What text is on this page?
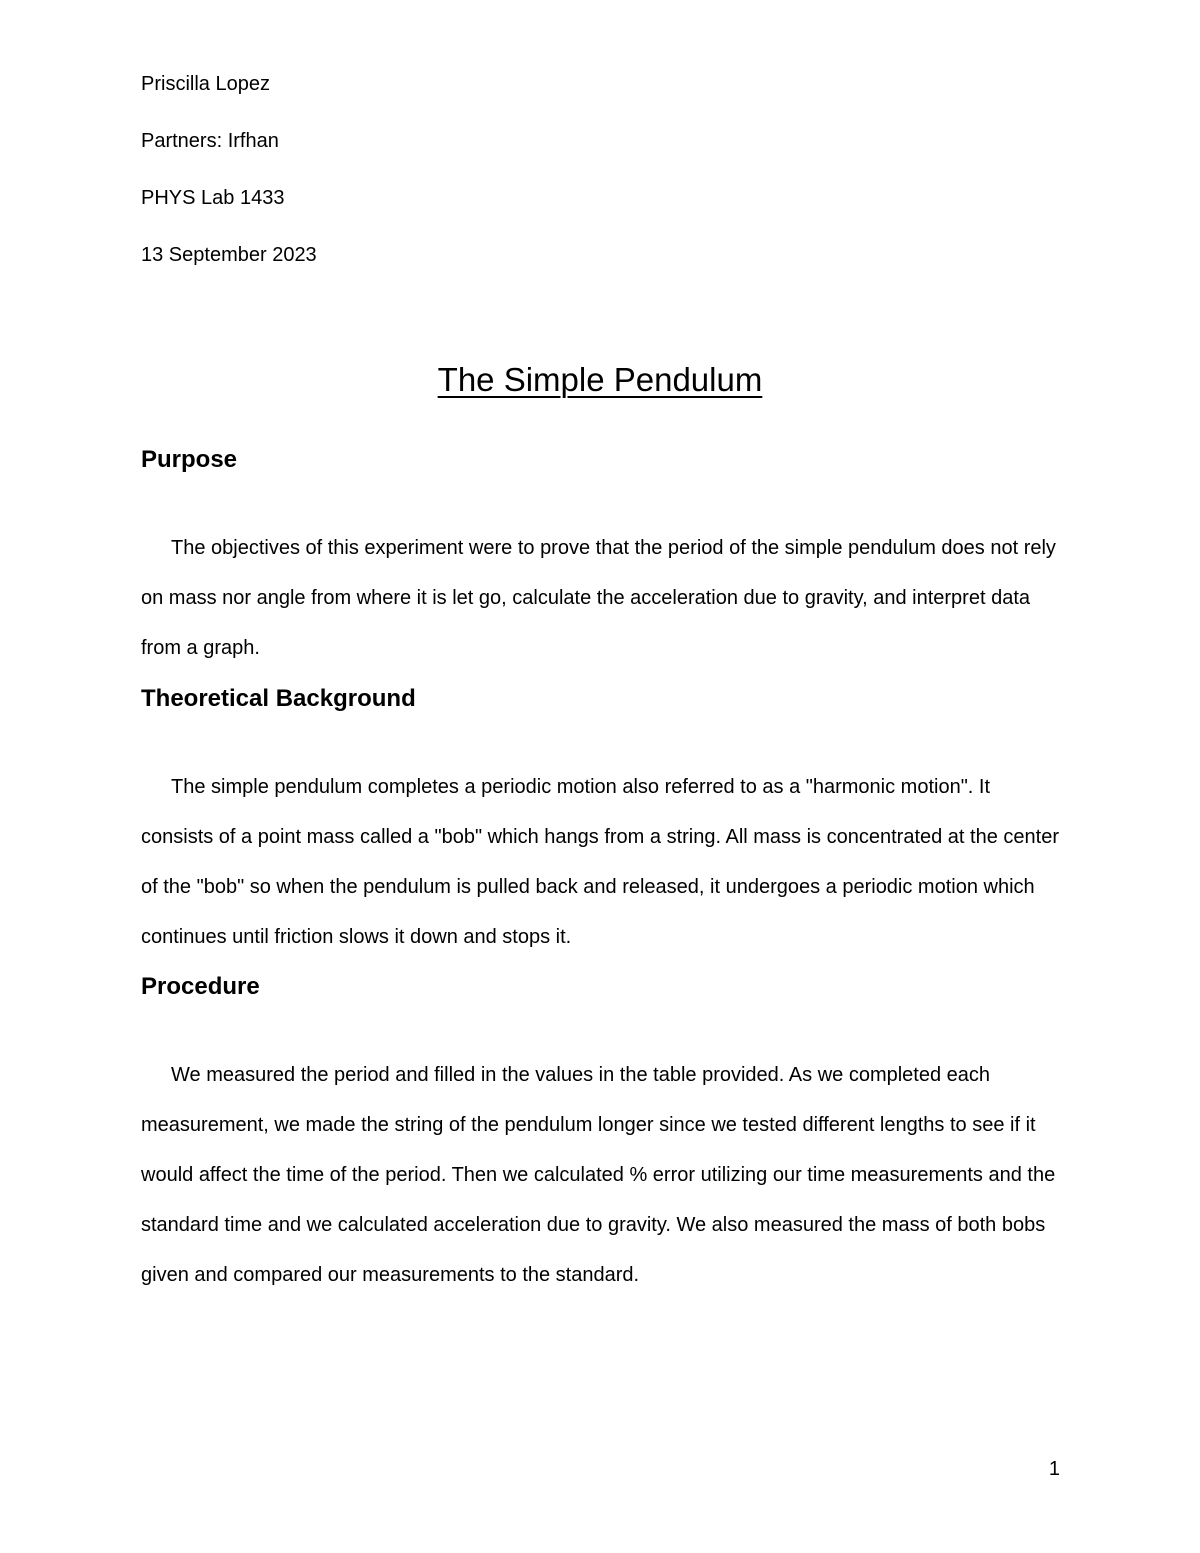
Priscilla Lopez
Partners: Irfhan
PHYS Lab 1433
13 September 2023
The Simple Pendulum
Purpose

The objectives of this experiment were to prove that the period of the simple pendulum does not rely on mass nor angle from where it is let go, calculate the acceleration due to gravity, and interpret data from a graph.

Theoretical Background

The simple pendulum completes a periodic motion also referred to as a "harmonic motion". It consists of a point mass called a "bob" which hangs from a string. All mass is concentrated at the center of the "bob" so when the pendulum is pulled back and released, it undergoes a periodic motion which continues until friction slows it down and stops it.

Procedure

We measured the period and filled in the values in the table provided. As we completed each measurement, we made the string of the pendulum longer since we tested different lengths to see if it would affect the time of the period. Then we calculated % error utilizing our time measurements and the standard time and we calculated acceleration due to gravity. We also measured the mass of both bobs given and compared our measurements to the standard.

1
